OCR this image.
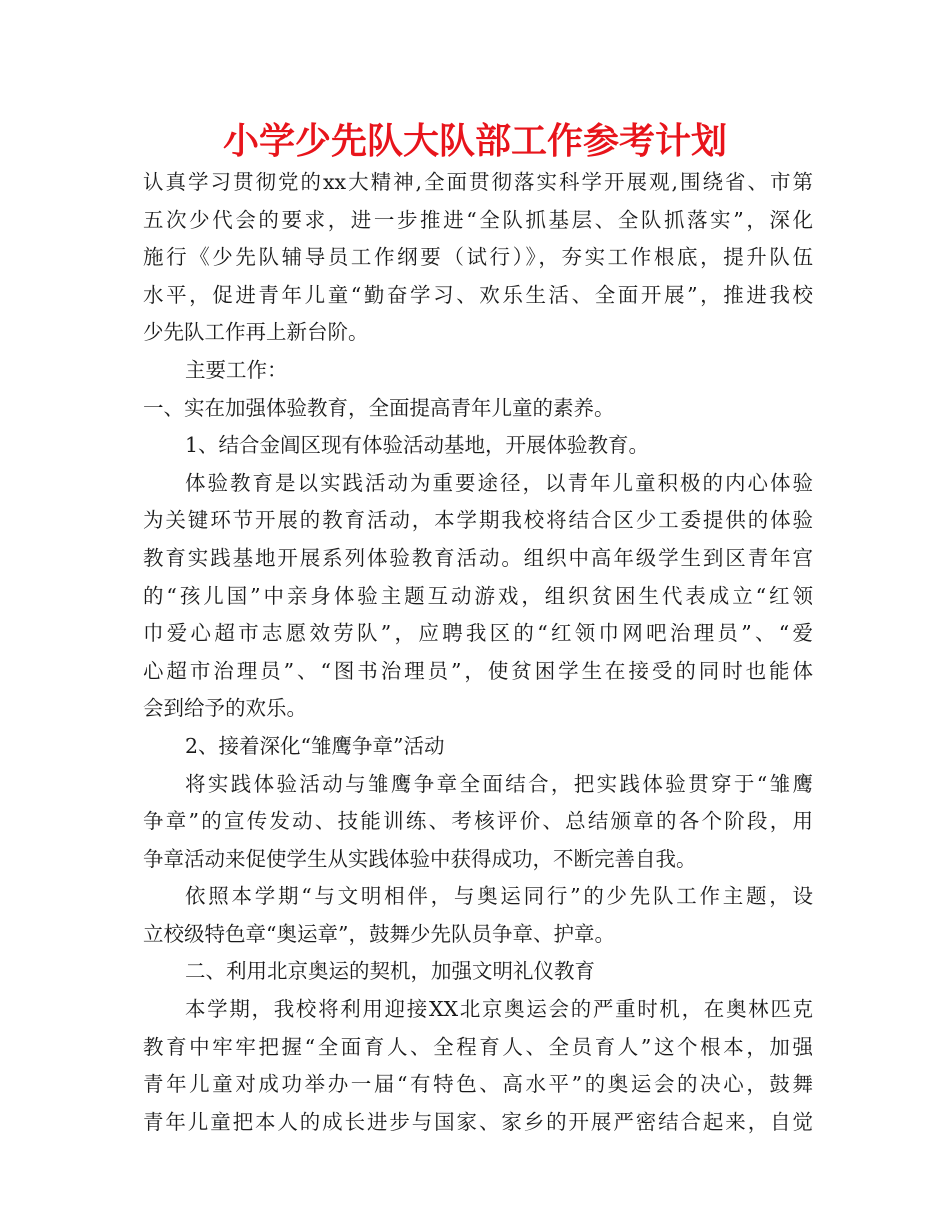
小学少先队大队部工作参考计划
认真学习贯彻党的xx大精神,全面贯彻落实科学开展观,围绕省、市第
五次少代会的要求，进一步推进“全队抓基层、全队抓落实”，深化
施行《少先队辅导员工作纲要（试行）》，夯实工作根底，提升队伍
水平，促进青年儿童“勤奋学习、欢乐生活、全面开展”，推进我校
少先队工作再上新台阶。
主要工作：
一、实在加强体验教育，全面提高青年儿童的素养。
1、结合金阊区现有体验活动基地，开展体验教育。
体验教育是以实践活动为重要途径，以青年儿童积极的内心体验
为关键环节开展的教育活动，本学期我校将结合区少工委提供的体验
教育实践基地开展系列体验教育活动。组织中高年级学生到区青年宫
的“孩儿国”中亲身体验主题互动游戏，组织贫困生代表成立“红领
巾爱心超市志愿效劳队”，应聘我区的“红领巾网吧治理员”、“爱
心超市治理员”、“图书治理员”，使贫困学生在接受的同时也能体
会到给予的欢乐。
2、接着深化“雏鹰争章”活动
将实践体验活动与雏鹰争章全面结合，把实践体验贯穿于“雏鹰
争章”的宣传发动、技能训练、考核评价、总结颁章的各个阶段，用
争章活动来促使学生从实践体验中获得成功，不断完善自我。
依照本学期“与文明相伴，与奥运同行”的少先队工作主题，设
立校级特色章“奥运章”，鼓舞少先队员争章、护章。
二、利用北京奥运的契机，加强文明礼仪教育
本学期，我校将利用迎接XX北京奥运会的严重时机，在奥林匹克
教育中牢牢把握“全面育人、全程育人、全员育人”这个根本，加强
青年儿童对成功举办一届“有特色、高水平”的奥运会的决心，鼓舞
青年儿童把本人的成长进步与国家、家乡的开展严密结合起来，自觉
